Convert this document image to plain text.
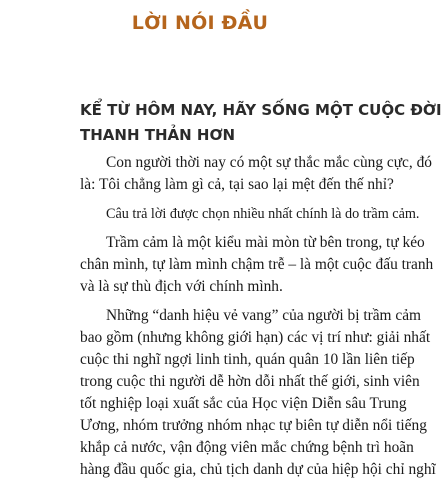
LỜI NÓI ĐẦU
KỂ TỪ HÔM NAY, HÃY SỐNG MỘT CUỘC ĐỜI
THANH THẢN HƠN

Con người thời nay có một sự thắc mắc cùng cực, đó
là: Tôi chẳng làm gì cả, tại sao lại mệt đến thế nhỉ?

Câu trả lời được chọn nhiều nhất chính là do trầm cảm.

Trầm cảm là một kiểu mài mòn từ bên trong, tự kéo
chân mình, tự làm mình chậm trễ – là một cuộc đấu tranh
và là sự thù địch với chính mình.

Những “danh hiệu vẻ vang” của người bị trầm cảm
bao gồm (nhưng không giới hạn) các vị trí như: giải nhất
cuộc thi nghĩ ngợi linh tinh, quán quân 10 lần liên tiếp
trong cuộc thi người dễ hờn dỗi nhất thế giới, sinh viên
tốt nghiệp loại xuất sắc của Học viện Diễn sâu Trung
Ương, nhóm trưởng nhóm nhạc tự biên tự diễn nổi tiếng
khắp cả nước, vận động viên mắc chứng bệnh trì hoãn
hàng đầu quốc gia, chủ tịch danh dự của hiệp hội chỉ nghĩ
